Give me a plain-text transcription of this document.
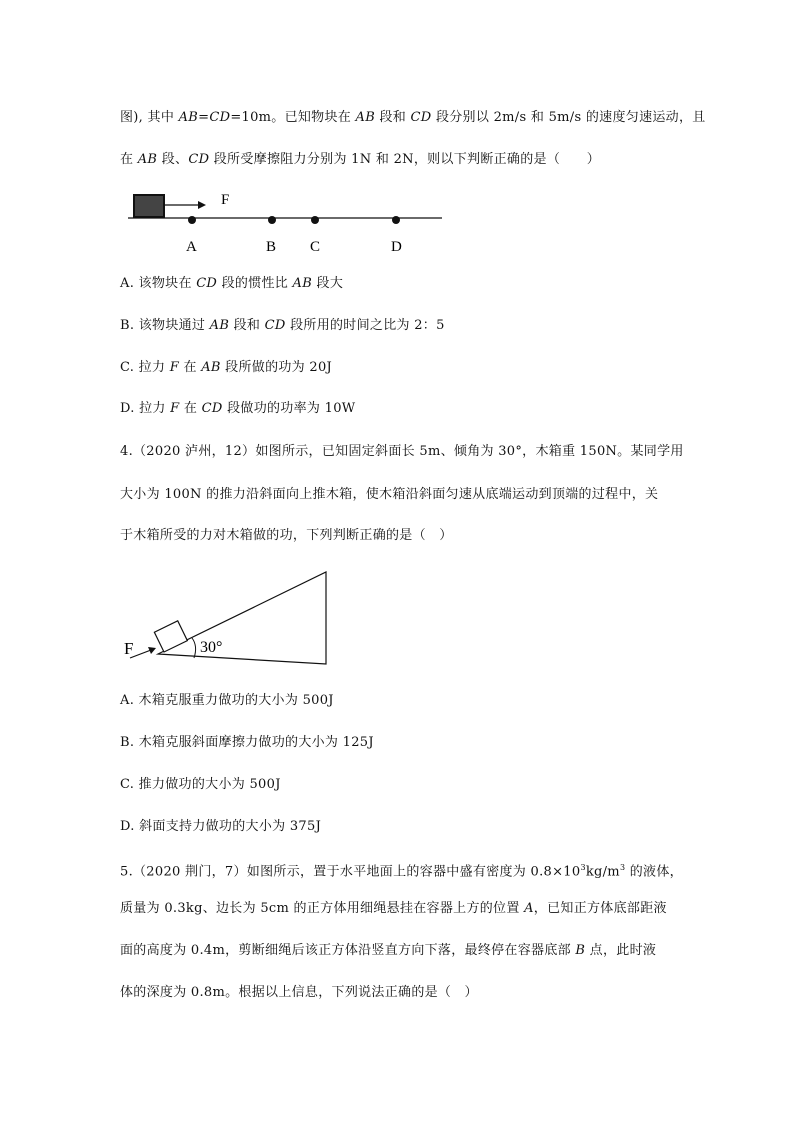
图), 其中 AB=CD=10m。已知物块在 AB 段和 CD 段分别以 2m/s 和 5m/s 的速度匀速运动，且
在 AB 段、CD 段所受摩擦阻力分别为 1N 和 2N，则以下判断正确的是（　　）
F
A	B C	D
A. 该物块在 CD 段的惯性比 AB 段大
B. 该物块通过 AB 段和 CD 段所用的时间之比为 2：5
C. 拉力 F 在 AB 段所做的功为 20J
D. 拉力 F 在 CD 段做功的功率为 10W
4.（2020 泸州，12）如图所示，已知固定斜面长 5m、倾角为 30°，木箱重 150N。某同学用
大小为 100N 的推力沿斜面向上推木箱，使木箱沿斜面匀速从底端运动到顶端的过程中，关
于木箱所受的力对木箱做的功，下列判断正确的是（　）
F	30°
A. 木箱克服重力做功的大小为 500J
B. 木箱克服斜面摩擦力做功的大小为 125J
C. 推力做功的大小为 500J
D. 斜面支持力做功的大小为 375J
5.（2020 荆门，7）如图所示，置于水平地面上的容器中盛有密度为 $0.8\times 10^3kg/m^3$ 的液体，
质量为 0.3kg、边长为 5cm 的正方体用细绳悬挂在容器上方的位置 A，已知正方体底部距液
面的高度为 0.4m，剪断细绳后该正方体沿竖直方向下落，最终停在容器底部 B 点，此时液
体的深度为 0.8m。根据以上信息，下列说法正确的是（　）
